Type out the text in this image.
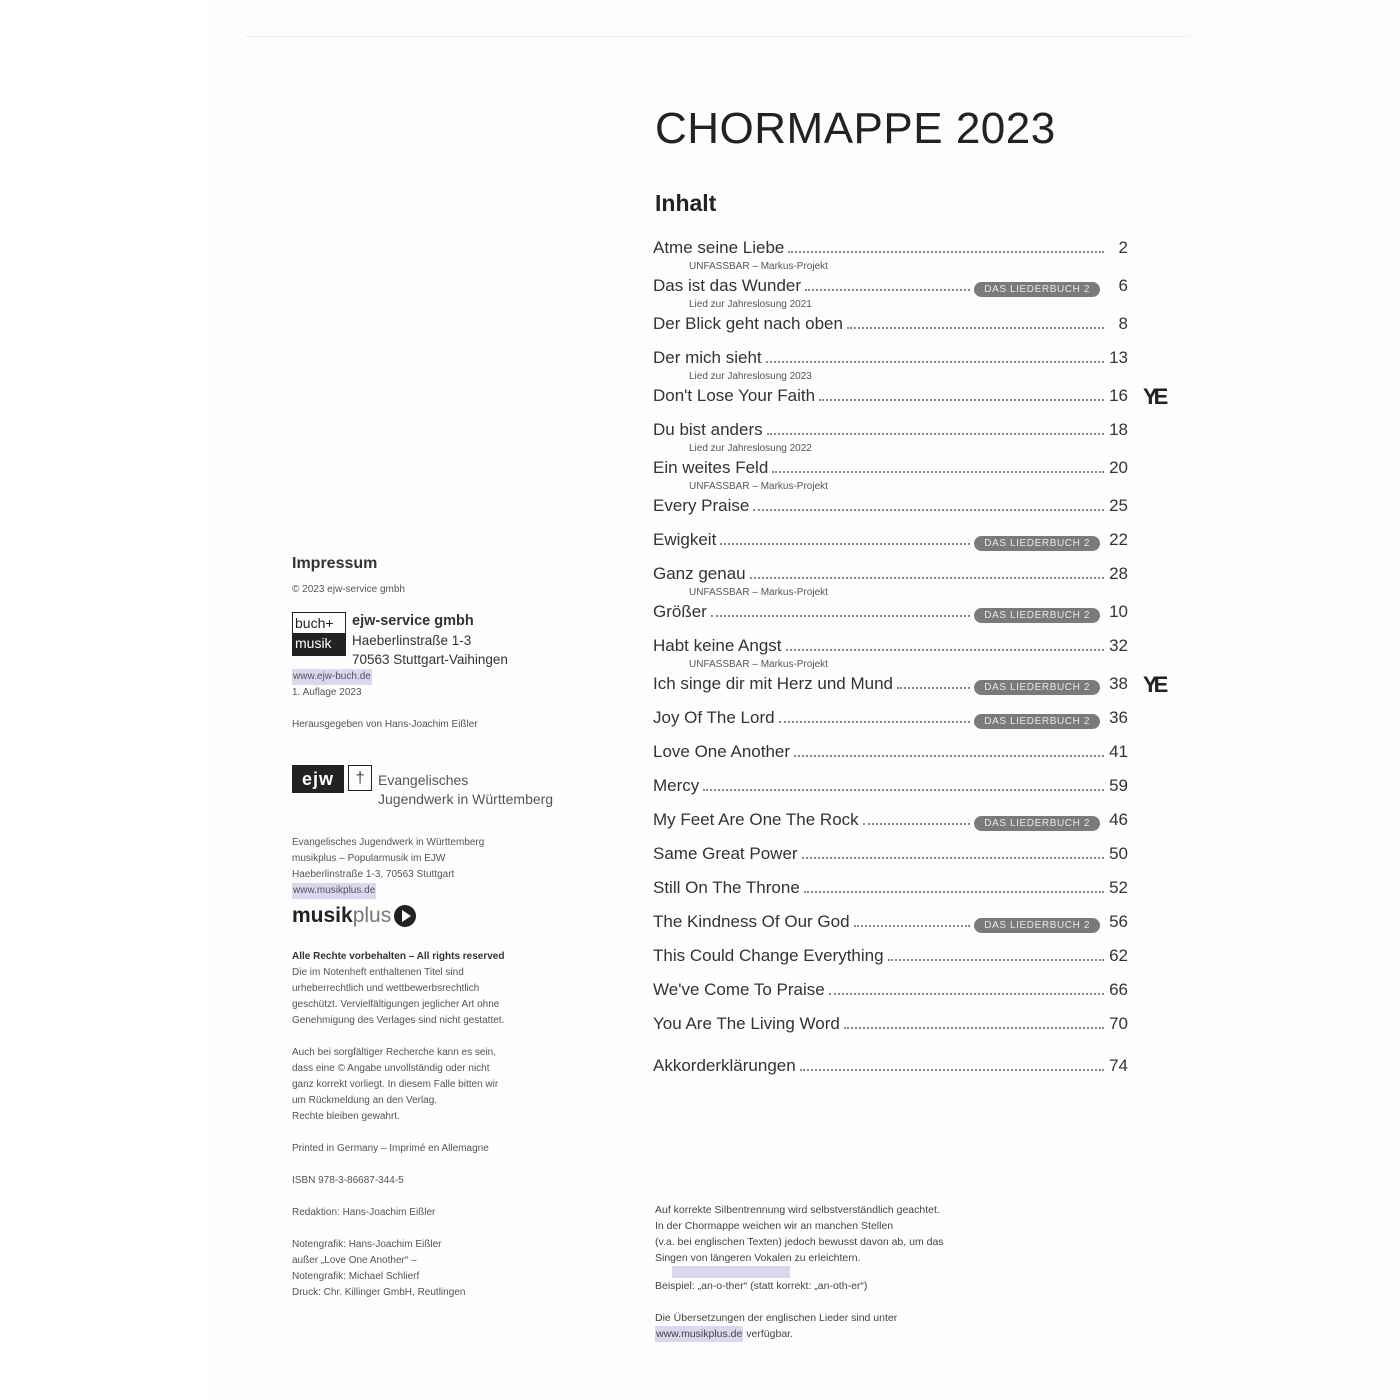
Impressum

© 2023 ejw-service gmbh

buch+
musik
ejw-service gmbh
Haeberlinstraße 1-3
70563 Stuttgart-Vaihingen

www.ejw-buch.de

1. Auflage 2023

Herausgegeben von Hans-Joachim Eißler

ejw	† Evangelisches
Jugendwerk in Württemberg

Evangelisches Jugendwerk in Württemberg

musikplus – Popularmusik im EJW

Haeberlinstraße 1-3, 70563 Stuttgart

www.musikplus.de

musik plus

Alle Rechte vorbehalten – All rights reserved

Die im Notenheft enthaltenen Titel sind

urheberrechtlich und wettbewerbsrechtlich

geschützt. Vervielfältigungen jeglicher Art ohne

Genehmigung des Verlages sind nicht gestattet.

Auch bei sorgfältiger Recherche kann es sein,

dass eine © Angabe unvollständig oder nicht

ganz korrekt vorliegt. In diesem Falle bitten wir

um Rückmeldung an den Verlag.

Rechte bleiben gewahrt.

Printed in Germany – Imprimé en Allemagne

ISBN 978-3-86687-344-5

Redaktion: Hans-Joachim Eißler

Notengrafik: Hans-Joachim Eißler

außer „Love One Another“ –

Notengrafik: Michael Schlierf

Druck: Chr. Killinger GmbH, Reutlingen

CHORMAPPE 2023
Inhalt
Atme seine Liebe	2
UNFASSBAR – Markus-Projekt
Das ist das Wunder	DAS LIEDERBUCH 2	6
Lied zur Jahreslosung 2021
Der Blick geht nach oben	8
Der mich sieht	13
Lied zur Jahreslosung 2023
Don't Lose Your Faith	16 YE
Du bist anders	18
Lied zur Jahreslosung 2022
Ein weites Feld	20
UNFASSBAR – Markus-Projekt
Every Praise	25
Ewigkeit	DAS LIEDERBUCH 2	22
Ganz genau	28
UNFASSBAR – Markus-Projekt
Größer	DAS LIEDERBUCH 2	10
Habt keine Angst	32
UNFASSBAR – Markus-Projekt
Ich singe dir mit Herz und Mund	DAS LIEDERBUCH 2	38 YE
Joy Of The Lord	DAS LIEDERBUCH 2	36
Love One Another	41
Mercy	59
My Feet Are One The Rock	DAS LIEDERBUCH 2	46
Same Great Power	50
Still On The Throne	52
The Kindness Of Our God	DAS LIEDERBUCH 2	56
This Could Change Everything	62
We've Come To Praise	66
You Are The Living Word	70
Akkorderklärungen	74

Auf korrekte Silbentrennung wird selbstverständlich geachtet.

In der Chormappe weichen wir an manchen Stellen

(v.a. bei englischen Texten) jedoch bewusst davon ab, um das

Singen von längeren Vokalen zu erleichtern.

Beispiel: „an-o-ther“ (statt korrekt: „an-oth-er“)

Die Übersetzungen der englischen Lieder sind unter

www.musikplus.de verfügbar.
